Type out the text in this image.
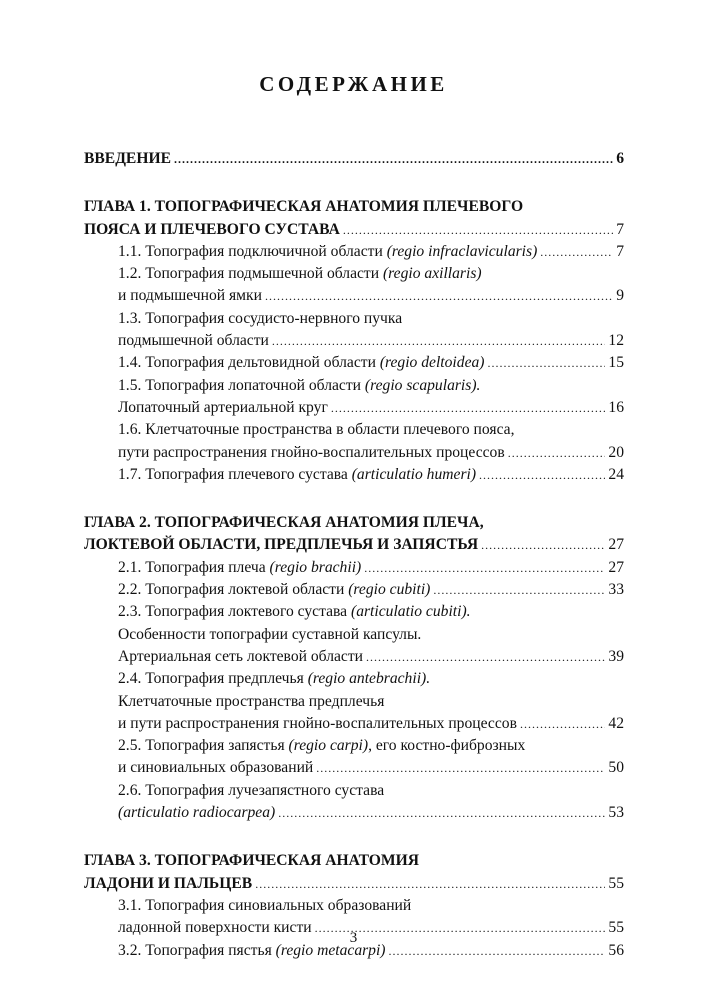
СОДЕРЖАНИЕ
ВВЕДЕНИЕ .....	6
ГЛАВА 1. ТОПОГРАФИЧЕСКАЯ АНАТОМИЯ ПЛЕЧЕВОГО
ПОЯСА И ПЛЕЧЕВОГО СУСТАВА .....	7
1.1. Топография подключичной области (regio infraclavicularis) .....	7
1.2. Топография подмышечной области (regio axillaris)
и подмышечной ямки .....	9
1.3. Топография сосудисто-нервного пучка
подмышечной области .....	12
1.4. Топография дельтовидной области (regio deltoidea) .....	15
1.5. Топография лопаточной области (regio scapularis).
Лопаточный артериальной круг .....	16
1.6. Клетчаточные пространства в области плечевого пояса,
пути распространения гнойно-воспалительных процессов .....	20
1.7. Топография плечевого сустава (articulatio humeri) .....	24
ГЛАВА 2. ТОПОГРАФИЧЕСКАЯ АНАТОМИЯ ПЛЕЧА,
ЛОКТЕВОЙ ОБЛАСТИ, ПРЕДПЛЕЧЬЯ И ЗАПЯСТЬЯ .....	27
2.1. Топография плеча (regio brachii) .....	27
2.2. Топография локтевой области (regio cubiti) .....	33
2.3. Топография локтевого сустава (articulatio cubiti).
Особенности топографии суставной капсулы.
Артериальная сеть локтевой области .....	39
2.4. Топография предплечья (regio antebrachii).
Клетчаточные пространства предплечья
и пути распространения гнойно-воспалительных процессов .....	42
2.5. Топография запястья (regio carpi), его костно-фиброзных
и синовиальных образований .....	50
2.6. Топография лучезапястного сустава
(articulatio radiocarpea) .....	53
ГЛАВА 3. ТОПОГРАФИЧЕСКАЯ АНАТОМИЯ
ЛАДОНИ И ПАЛЬЦЕВ .....	55
3.1. Топография синовиальных образований
ладонной поверхности кисти .....	55
3.2. Топография пястья (regio metacarpi) .....	56
3
